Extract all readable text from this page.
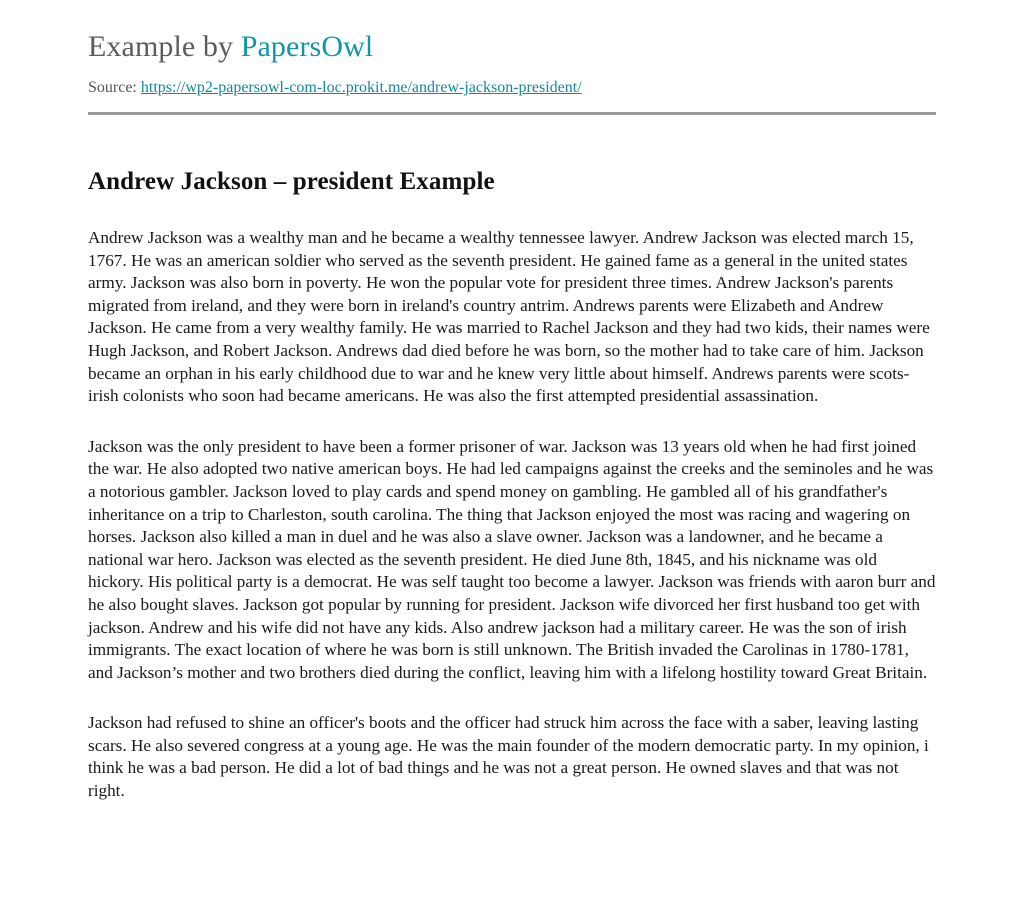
Example by PapersOwl
Source: https://wp2-papersowl-com-loc.prokit.me/andrew-jackson-president/
Andrew Jackson – president Example

Andrew Jackson was a wealthy man and he became a wealthy tennessee lawyer. Andrew Jackson was elected march 15, 1767. He was an american soldier who served as the seventh president. He gained fame as a general in the united states army. Jackson was also born in poverty. He won the popular vote for president three times. Andrew Jackson's parents migrated from ireland, and they were born in ireland's country antrim. Andrews parents were Elizabeth and Andrew Jackson. He came from a very wealthy family. He was married to Rachel Jackson and they had two kids, their names were Hugh Jackson, and Robert Jackson. Andrews dad died before he was born, so the mother had to take care of him. Jackson became an orphan in his early childhood due to war and he knew very little about himself. Andrews parents were scots-irish colonists who soon had became americans. He was also the first attempted presidential assassination.

Jackson was the only president to have been a former prisoner of war. Jackson was 13 years old when he had first joined the war. He also adopted two native american boys. He had led campaigns against the creeks and the seminoles and he was a notorious gambler. Jackson loved to play cards and spend money on gambling. He gambled all of his grandfather's inheritance on a trip to Charleston, south carolina. The thing that Jackson enjoyed the most was racing and wagering on horses. Jackson also killed a man in duel and he was also a slave owner. Jackson was a landowner, and he became a national war hero. Jackson was elected as the seventh president. He died June 8th, 1845, and his nickname was old hickory. His political party is a democrat. He was self taught too become a lawyer. Jackson was friends with aaron burr and he also bought slaves. Jackson got popular by running for president. Jackson wife divorced her first husband too get with jackson. Andrew and his wife did not have any kids. Also andrew jackson had a military career. He was the son of irish immigrants. The exact location of where he was born is still unknown. The British invaded the Carolinas in 1780-1781, and Jackson’s mother and two brothers died during the conflict, leaving him with a lifelong hostility toward Great Britain.

Jackson had refused to shine an officer's boots and the officer had struck him across the face with a saber, leaving lasting scars. He also severed congress at a young age. He was the main founder of the modern democratic party. In my opinion, i think he was a bad person. He did a lot of bad things and he was not a great person. He owned slaves and that was not right.
